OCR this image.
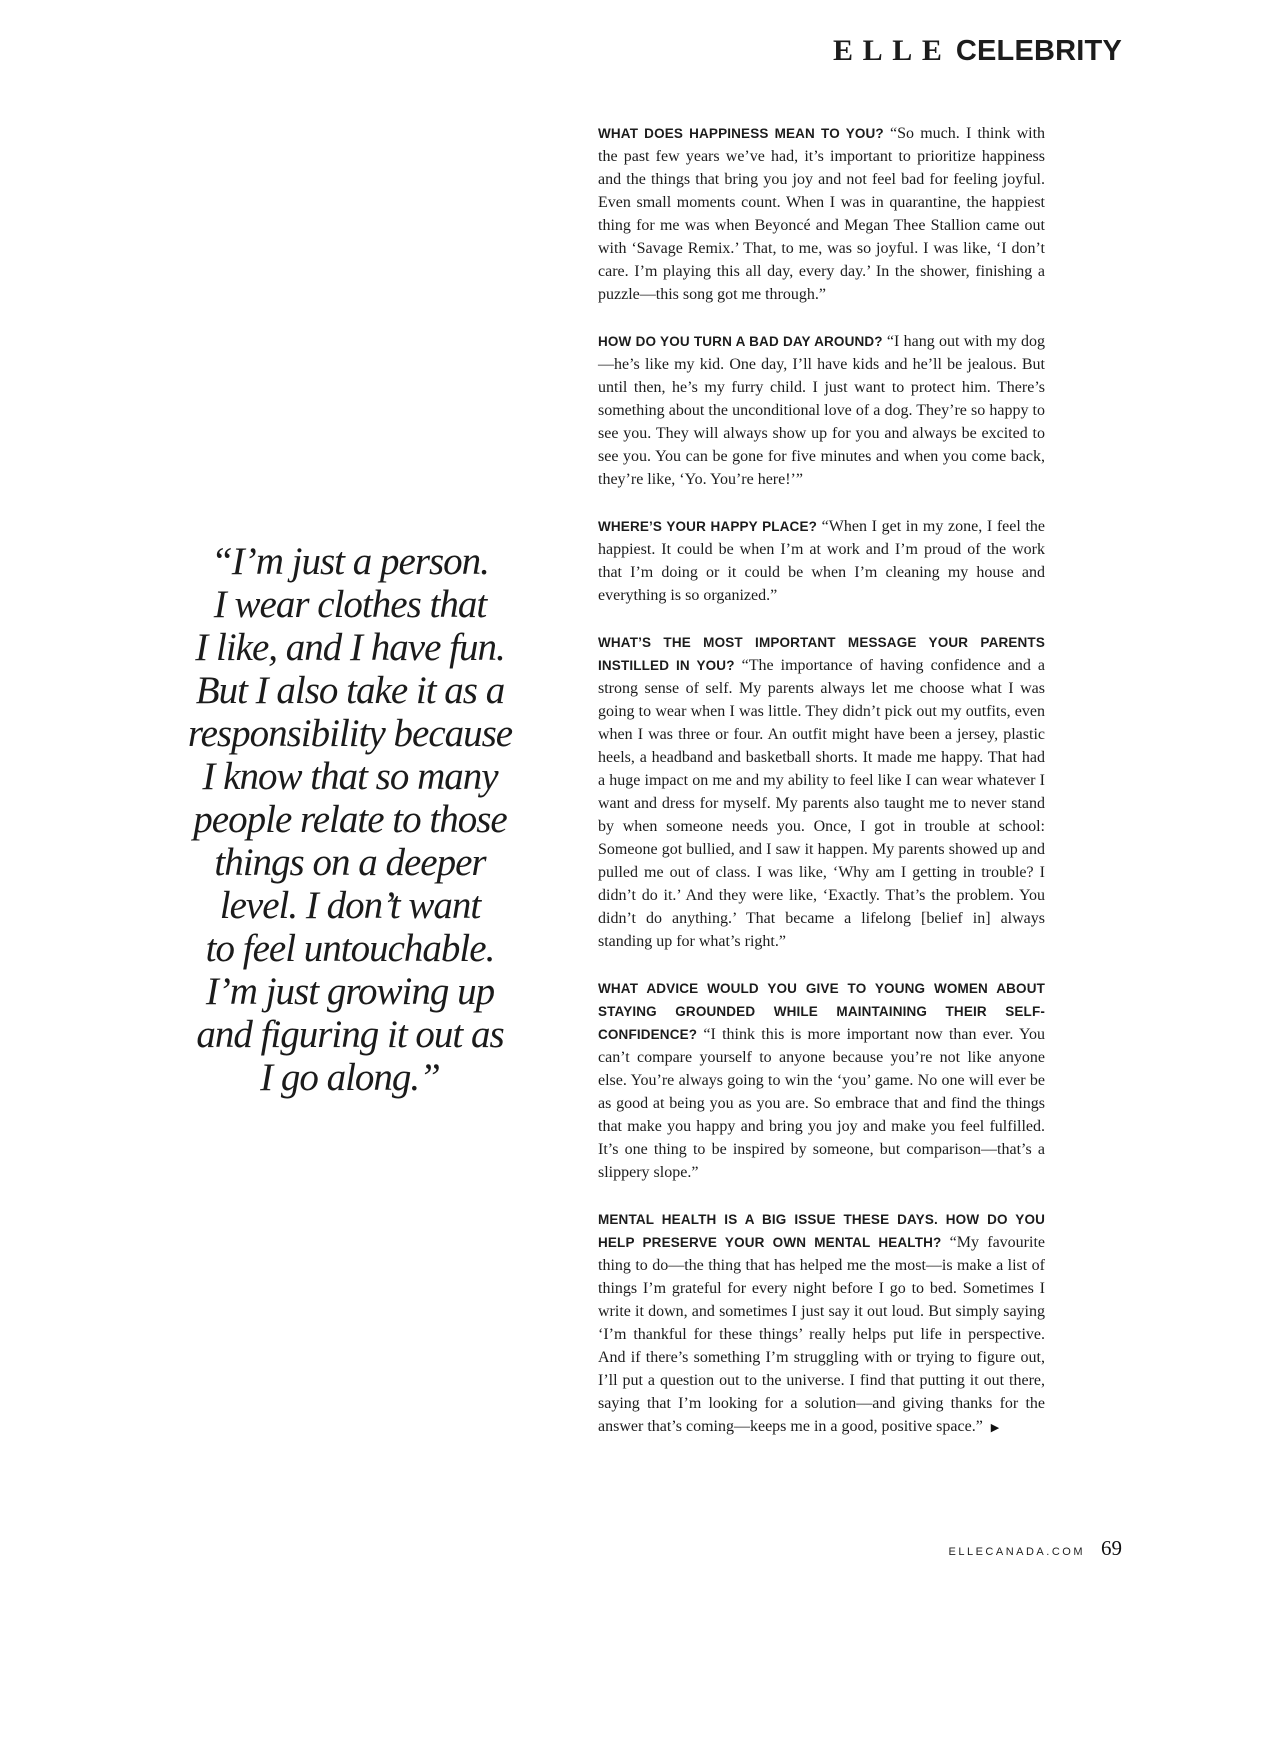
ELLE CELEBRITY
“I’m just a person.
I wear clothes that
I like, and I have fun.
But I also take it as a
responsibility because
I know that so many
people relate to those
things on a deeper
level. I don’t want
to feel untouchable.
I’m just growing up
and figuring it out as
I go along.”

WHAT DOES HAPPINESS MEAN TO YOU? “So much. I think with the past few years we’ve had, it’s important to prioritize happiness and the things that bring you joy and not feel bad for feeling joyful. Even small moments count. When I was in quarantine, the happiest thing for me was when Beyoncé and Megan Thee Stallion came out with ‘Savage Remix.’ That, to me, was so joyful. I was like, ‘I don’t care. I’m playing this all day, every day.’ In the shower, finishing a puzzle—this song got me through.”

HOW DO YOU TURN A BAD DAY AROUND? “I hang out with my dog—he’s like my kid. One day, I’ll have kids and he’ll be jealous. But until then, he’s my furry child. I just want to protect him. There’s something about the unconditional love of a dog. They’re so happy to see you. They will always show up for you and always be excited to see you. You can be gone for five minutes and when you come back, they’re like, ‘Yo. You’re here!’”

WHERE’S YOUR HAPPY PLACE? “When I get in my zone, I feel the happiest. It could be when I’m at work and I’m proud of the work that I’m doing or it could be when I’m cleaning my house and everything is so organized.”

WHAT’S THE MOST IMPORTANT MESSAGE YOUR PARENTS INSTILLED IN YOU? “The importance of having confidence and a strong sense of self. My parents always let me choose what I was going to wear when I was little. They didn’t pick out my outfits, even when I was three or four. An outfit might have been a jersey, plastic heels, a headband and basketball shorts. It made me happy. That had a huge impact on me and my ability to feel like I can wear whatever I want and dress for myself. My parents also taught me to never stand by when someone needs you. Once, I got in trouble at school: Someone got bullied, and I saw it happen. My parents showed up and pulled me out of class. I was like, ‘Why am I getting in trouble? I didn’t do it.’ And they were like, ‘Exactly. That’s the problem. You didn’t do anything.’ That became a lifelong [belief in] always standing up for what’s right.”

WHAT ADVICE WOULD YOU GIVE TO YOUNG WOMEN ABOUT STAYING GROUNDED WHILE MAINTAINING THEIR SELF-CONFIDENCE? “I think this is more important now than ever. You can’t compare yourself to anyone because you’re not like anyone else. You’re always going to win the ‘you’ game. No one will ever be as good at being you as you are. So embrace that and find the things that make you happy and bring you joy and make you feel fulfilled. It’s one thing to be inspired by someone, but comparison—that’s a slippery slope.”

MENTAL HEALTH IS A BIG ISSUE THESE DAYS. HOW DO YOU HELP PRESERVE YOUR OWN MENTAL HEALTH? “My favourite thing to do—the thing that has helped me the most—is make a list of things I’m grateful for every night before I go to bed. Sometimes I write it down, and sometimes I just say it out loud. But simply saying ‘I’m thankful for these things’ really helps put life in perspective. And if there’s something I’m struggling with or trying to figure out, I’ll put a question out to the universe. I find that putting it out there, saying that I’m looking for a solution—and giving thanks for the answer that’s coming—keeps me in a good, positive space.” ▶

ELLECANADA.COM 69
